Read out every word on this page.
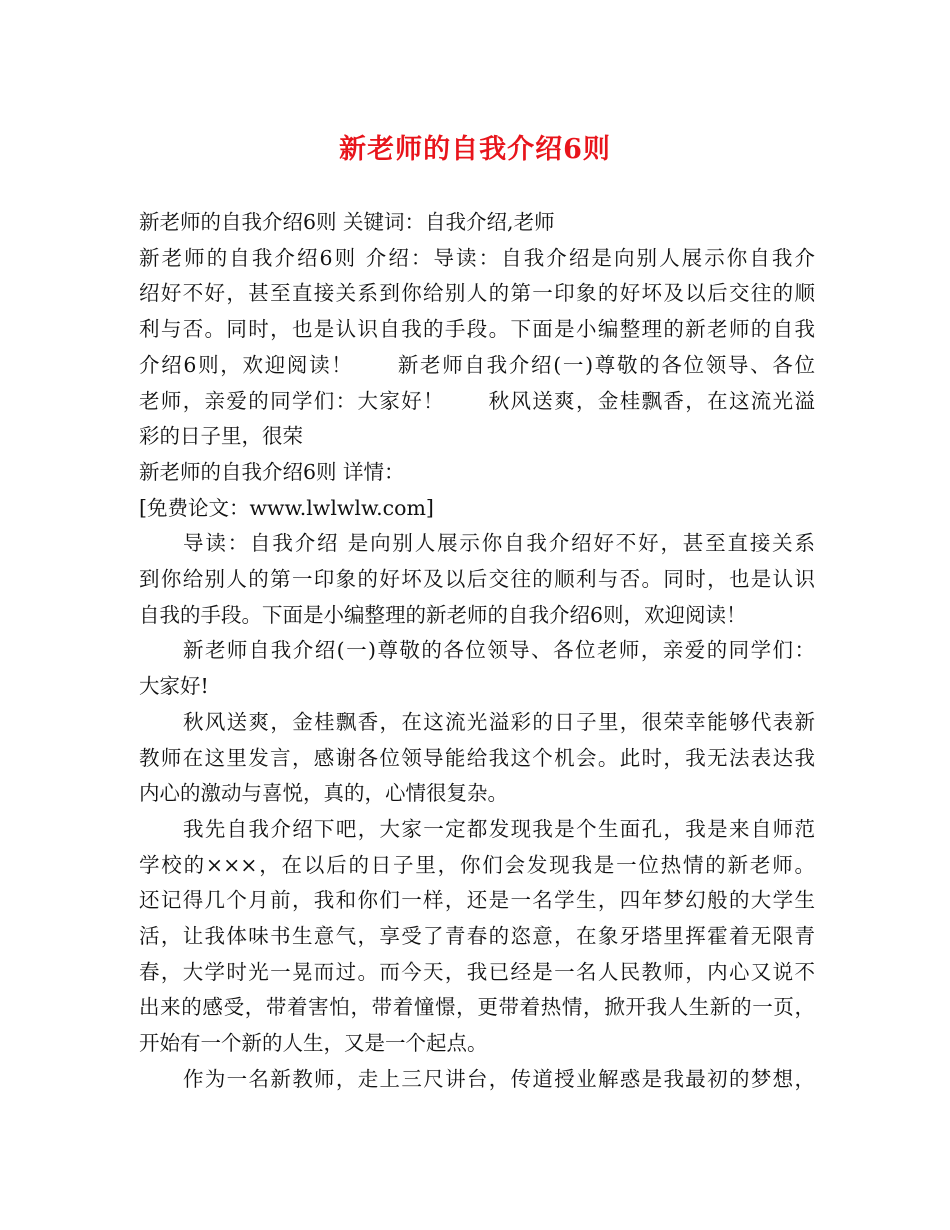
新老师的自我介绍6则
新老师的自我介绍6则 关键词：自我介绍,老师
新老师的自我介绍6则 介绍：导读：自我介绍是向别人展示你自我介
绍好不好，甚至直接关系到你给别人的第一印象的好坏及以后交往的顺
利与否。同时，也是认识自我的手段。下面是小编整理的新老师的自我
介绍6则，欢迎阅读！　　新老师自我介绍(一)尊敬的各位领导、各位
老师，亲爱的同学们：大家好！　　秋风送爽，金桂飘香，在这流光溢
彩的日子里，很荣
新老师的自我介绍6则 详情：
[免费论文：www.lwlwlw.com]
导读：自我介绍 是向别人展示你自我介绍好不好，甚至直接关系
到你给别人的第一印象的好坏及以后交往的顺利与否。同时，也是认识
自我的手段。下面是小编整理的新老师的自我介绍6则，欢迎阅读！
新老师自我介绍(一)尊敬的各位领导、各位老师，亲爱的同学们：
大家好!
秋风送爽，金桂飘香，在这流光溢彩的日子里，很荣幸能够代表新
教师在这里发言，感谢各位领导能给我这个机会。此时，我无法表达我
内心的激动与喜悦，真的，心情很复杂。
我先自我介绍下吧，大家一定都发现我是个生面孔，我是来自师范
学校的×××，在以后的日子里，你们会发现我是一位热情的新老师。
还记得几个月前，我和你们一样，还是一名学生，四年梦幻般的大学生
活，让我体味书生意气，享受了青春的恣意，在象牙塔里挥霍着无限青
春，大学时光一晃而过。而今天，我已经是一名人民教师，内心又说不
出来的感受，带着害怕，带着憧憬，更带着热情，掀开我人生新的一页，
开始有一个新的人生，又是一个起点。
作为一名新教师，走上三尺讲台，传道授业解惑是我最初的梦想，
